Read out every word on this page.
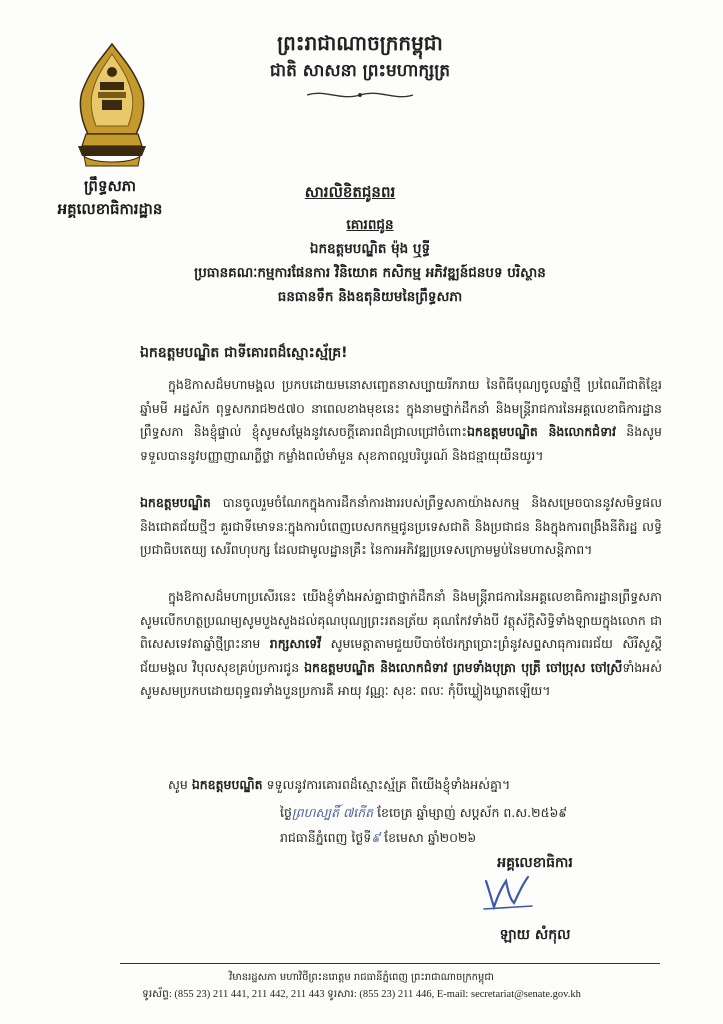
ព្រឹទ្ធសភា
អគ្គលេខាធិការដ្ឋាន
ព្រះរាជាណាចក្រកម្ពុជា
ជាតិ សាសនា ព្រះមហាក្សត្រ
សារលិខិតជូនពរ
គោរពជូន
ឯកឧត្តមបណ្ឌិត ម៉ុង ឬទ្ធី
ប្រធានគណៈកម្មការផែនការ វិនិយោគ កសិកម្ម អភិវឌ្ឍន៍ជនបទ បរិស្ថាន
ធនធានទឹក និងឧតុនិយមនៃព្រឹទ្ធសភា
ឯកឧត្តមបណ្ឌិត ជាទីគោរពដ៏ស្មោះស្ម័គ្រ!
ក្នុងឱកាសដ៏មហាមង្គល ប្រកបដោយមនោសញ្ចេតនាសប្បាយរីករាយ នៃពិធីបុណ្យចូលឆ្នាំថ្មី ប្រពៃណីជាតិខ្មែរ ឆ្នាំមមី អដ្ឋស័ក ពុទ្ធសករាជ២៥៧០ នាពេលខាងមុខនេះ ក្នុងនាមថ្នាក់ដឹកនាំ និងមន្ត្រីរាជការនៃអគ្គលេខាធិការដ្ឋានព្រឹទ្ធសភា និងខ្ញុំផ្ទាល់ ខ្ញុំសូមសម្តែងនូវសេចក្តីគោរពដ៏ជ្រាលជ្រៅចំពោះឯកឧត្តមបណ្ឌិត និងលោកជំទាវ និងសូមទទួលបាននូវបញ្ញាញាណភ្លឺថ្លា កម្លាំងពលំមាំមួន សុខភាពល្អបរិបូរណ៍ និងជន្មាយុយឺនយូរ។
ឯកឧត្តមបណ្ឌិត បានចូលរួមចំណែកក្នុងការដឹកនាំការងាររបស់ព្រឹទ្ធសភាយ៉ាងសកម្ម និងសម្រេចបាននូវសមិទ្ធផល និងជោគជ័យថ្មីៗ គួរជាទីមោទនៈក្នុងការបំពេញបេសកកម្មជូនប្រទេសជាតិ និងប្រជាជន និងក្នុងការពង្រឹងនីតិរដ្ឋ លទ្ធិប្រជាធិបតេយ្យ សេរីពហុបក្ស ដែលជាមូលដ្ឋានគ្រឹះ នៃការអភិវឌ្ឍប្រទេសក្រោមម្លប់នៃមហាសន្តិភាព។
ក្នុងឱកាសដ៏មហាប្រសើរនេះ យើងខ្ញុំទាំងអស់គ្នាជាថ្នាក់ដឹកនាំ និងមន្ត្រីរាជការនៃអគ្គលេខាធិការដ្ឋានព្រឹទ្ធសភា សូមលើកហត្ថប្រណម្យសូមបួងសួងដល់គុណបុណ្យព្រះរតនត្រ័យ គុណកែវទាំងបី វត្ថុស័ក្តិសិទ្ធិទាំងឡាយក្នុងលោក ជាពិសេសទេវតាឆ្នាំថ្មីព្រះនាម រាក្សសាទេវី សូមមេត្តាតាមជួយបីបាច់ថែរក្សាប្រោះព្រំនូវសព្ទសាធុការពរជ័យ សិរីសួស្តី ជ័យមង្គល វិបុលសុខគ្រប់ប្រការជូន ឯកឧត្តមបណ្ឌិត និងលោកជំទាវ ព្រមទាំងបុត្រា បុត្រី ចៅប្រុស ចៅស្រីទាំងអស់ សូមសមប្រកបដោយពុទ្ធពរទាំងបួនប្រការគឺ អាយុ វណ្ណៈ សុខៈ ពលៈ កុំបីឃ្លៀងឃ្លាតឡើយ។
សូម ឯកឧត្តមបណ្ឌិត ទទួលនូវការគោរពដ៏ស្មោះស្ម័គ្រ ពីយើងខ្ញុំទាំងអស់គ្នា។
ថ្ងៃព្រហស្បតិ៍ ៧កើត ខែចេត្រ ឆ្នាំម្សាញ់ សប្តស័ក ព.ស.២៥៦៩
រាជធានីភ្នំពេញ ថ្ងៃទី៩ ខែមេសា ឆ្នាំ២០២៦
អគ្គលេខាធិការ
ឡាយ សំកុល
វិមានរដ្ឋសភា មហាវិថីព្រះនរោត្តម រាជធានីភ្នំពេញ ព្រះរាជាណាចក្រកម្ពុជា
ទូរស័ព្ទ: (855 23) 211 441, 211 442, 211 443 ទូរសារ: (855 23) 211 446, E-mail: secretariat@senate.gov.kh
